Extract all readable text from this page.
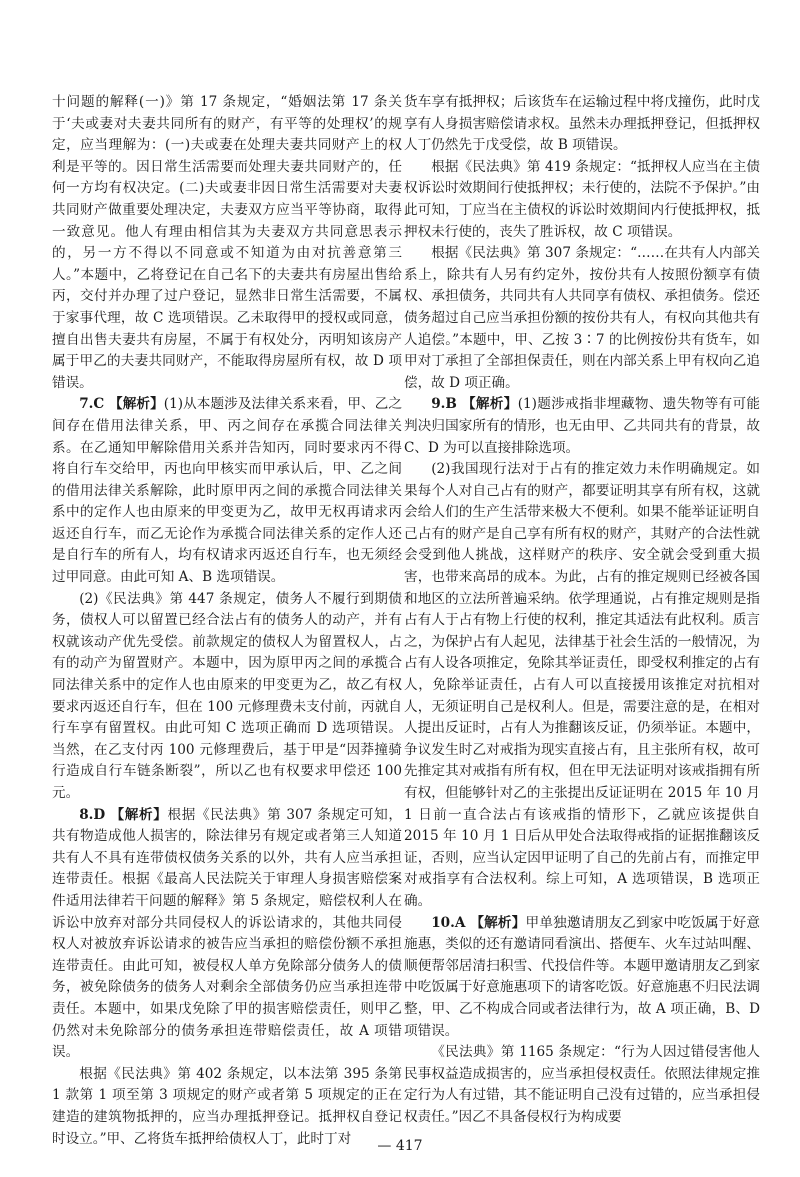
十问题的解释(一)》第 17 条规定，“婚姻法第 17 条关于‘夫或妻对夫妻共同所有的财产，有平等的处理权’的规定，应当理解为：(一)夫或妻在处理夫妻共同财产上的权利是平等的。因日常生活需要而处理夫妻共同财产的，任何一方均有权决定。(二)夫或妻非因日常生活需要对夫妻共同财产做重要处理决定，夫妻双方应当平等协商，取得一致意见。他人有理由相信其为夫妻双方共同意思表示的，另一方不得以不同意或不知道为由对抗善意第三人。”本题中，乙将登记在自己名下的夫妻共有房屋出售给丙，交付并办理了过户登记，显然非日常生活需要，不属于家事代理，故 C 选项错误。乙未取得甲的授权或同意，擅自出售夫妻共有房屋，不属于有权处分，丙明知该房产属于甲乙的夫妻共同财产，不能取得房屋所有权，故 D 项错误。

7.C 【解析】(1)从本题涉及法律关系来看，甲、乙之间存在借用法律关系，甲、丙之间存在承揽合同法律关系。在乙通知甲解除借用关系并告知丙，同时要求丙不得将自行车交给甲，丙也向甲核实而甲承认后，甲、乙之间的借用法律关系解除，此时原甲丙之间的承揽合同法律关系中的定作人也由原来的甲变更为乙，故甲无权再请求丙返还自行车，而乙无论作为承揽合同法律关系的定作人还是自行车的所有人，均有权请求丙返还自行车，也无须经过甲同意。由此可知 A、B 选项错误。

(2)《民法典》第 447 条规定，债务人不履行到期债务，债权人可以留置已经合法占有的债务人的动产，并有权就该动产优先受偿。前款规定的债权人为留置权人，占有的动产为留置财产。本题中，因为原甲丙之间的承揽合同法律关系中的定作人也由原来的甲变更为乙，故乙有权要求丙返还自行车，但在 100 元修理费未支付前，丙就自行车享有留置权。由此可知 C 选项正确而 D 选项错误。当然，在乙支付丙 100 元修理费后，基于甲是“因莽撞骑行造成自行车链条断裂”，所以乙也有权要求甲偿还 100 元。

8.D 【解析】根据《民法典》第 307 条规定可知，共有物造成他人损害的，除法律另有规定或者第三人知道共有人不具有连带债权债务关系的以外，共有人应当承担连带责任。根据《最高人民法院关于审理人身损害赔偿案件适用法律若干问题的解释》第 5 条规定，赔偿权利人在诉讼中放弃对部分共同侵权人的诉讼请求的，其他共同侵权人对被放弃诉讼请求的被告应当承担的赔偿份额不承担连带责任。由此可知，被侵权人单方免除部分债务人的债务，被免除债务的债务人对剩余全部债务仍应当承担连带责任。本题中，如果戊免除了甲的损害赔偿责任，则甲乙仍然对未免除部分的债务承担连带赔偿责任，故 A 项错误。

根据《民法典》第 402 条规定，以本法第 395 条第 1 款第 1 项至第 3 项规定的财产或者第 5 项规定的正在建造的建筑物抵押的，应当办理抵押登记。抵押权自登记时设立。”甲、乙将货车抵押给债权人丁，此时丁对

货车享有抵押权；后该货车在运输过程中将戊撞伤，此时戊享有人身损害赔偿请求权。虽然未办理抵押登记，但抵押权人丁仍然先于戊受偿，故 B 项错误。

根据《民法典》第 419 条规定：“抵押权人应当在主债权诉讼时效期间行使抵押权；未行使的，法院不予保护。”由此可知，丁应当在主债权的诉讼时效期间内行使抵押权，抵押权未行使的，丧失了胜诉权，故 C 项错误。

根据《民法典》第 307 条规定：“……在共有人内部关系上，除共有人另有约定外，按份共有人按照份额享有债权、承担债务，共同共有人共同享有债权、承担债务。偿还债务超过自己应当承担份额的按份共有人，有权向其他共有人追偿。”本题中，甲、乙按 3∶7 的比例按份共有货车，如甲对丁承担了全部担保责任，则在内部关系上甲有权向乙追偿，故 D 项正确。

9.B 【解析】(1)题涉戒指非埋藏物、遗失物等有可能判决归国家所有的情形，也无由甲、乙共同共有的背景，故 C、D 为可以直接排除选项。

(2)我国现行法对于占有的推定效力未作明确规定。如果每个人对自己占有的财产，都要证明其享有所有权，这就会给人们的生产生活带来极大不便利。如果不能举证证明自己占有的财产是自己享有所有权的财产，其财产的合法性就会受到他人挑战，这样财产的秩序、安全就会受到重大损害，也带来高昂的成本。为此，占有的推定规则已经被各国和地区的立法所普遍采纳。依学理通说，占有推定规则是指占有人于占有物上行使的权利，推定其适法有此权利。质言之，为保护占有人起见，法律基于社会生活的一般情况，为占有人设各项推定，免除其举证责任，即受权利推定的占有人，免除举证责任，占有人可以直接援用该推定对抗相对人，无须证明自己是权利人。但是，需要注意的是，在相对人提出反证时，占有人为推翻该反证，仍须举证。本题中，争议发生时乙对戒指为现实直接占有，且主张所有权，故可先推定其对戒指有所有权，但在甲无法证明对该戒指拥有所有权，但能够针对乙的主张提出反证证明在 2015 年 10 月 1 日前一直合法占有该戒指的情形下，乙就应该提供自 2015 年 10 月 1 日后从甲处合法取得戒指的证据推翻该反证，否则，应当认定因甲证明了自己的先前占有，而推定甲对戒指享有合法权利。综上可知，A 选项错误，B 选项正确。

10.A 【解析】甲单独邀请朋友乙到家中吃饭属于好意施惠，类似的还有邀请同看演出、搭便车、火车过站叫醒、顺便帮邻居清扫积雪、代投信件等。本题甲邀请朋友乙到家中吃饭属于好意施惠项下的请客吃饭。好意施惠不归民法调整，甲、乙不构成合同或者法律行为，故 A 项正确，B、D 项错误。

《民法典》第 1165 条规定：“行为人因过错侵害他人民事权益造成损害的，应当承担侵权责任。依照法律规定推定行为人有过错，其不能证明自己没有过错的，应当承担侵权责任。”因乙不具备侵权行为构成要

— 417
